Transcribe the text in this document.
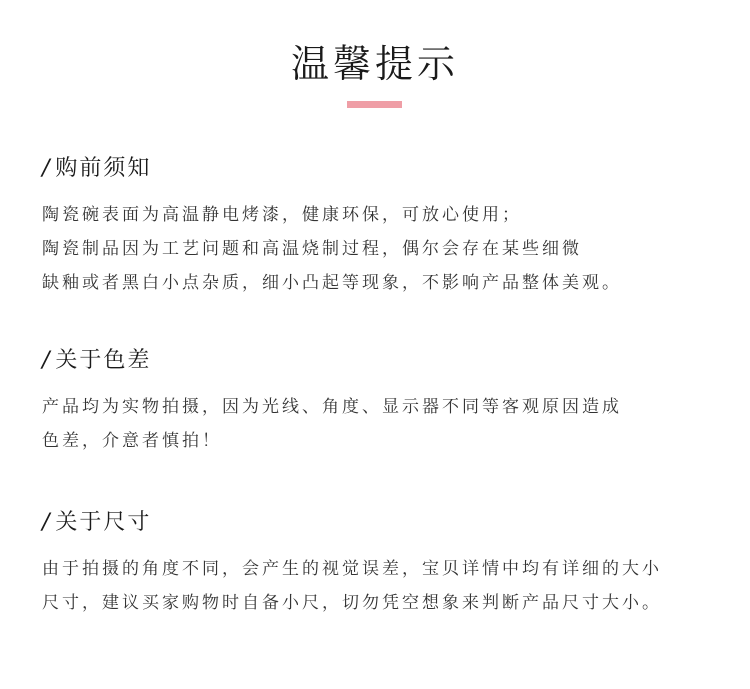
温馨提示
/ 购前须知
陶瓷碗表面为高温静电烤漆，健康环保，可放心使用；
陶瓷制品因为工艺问题和高温烧制过程，偶尔会存在某些细微
缺釉或者黑白小点杂质，细小凸起等现象，不影响产品整体美观。
/ 关于色差
产品均为实物拍摄，因为光线、角度、显示器不同等客观原因造成
色差，介意者慎拍！
/ 关于尺寸
由于拍摄的角度不同，会产生的视觉误差，宝贝详情中均有详细的大小
尺寸，建议买家购物时自备小尺，切勿凭空想象来判断产品尺寸大小。
